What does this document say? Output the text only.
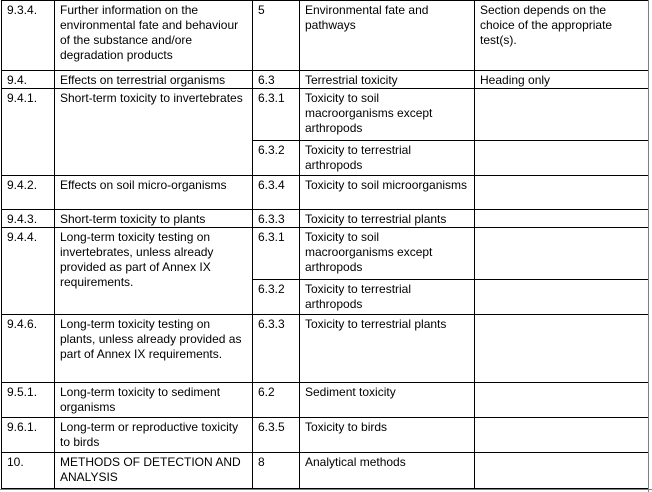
9.3.4.	Further information on the environmental fate and behaviour of the substance and/ore degradation products	5	Environmental fate and pathways	Section depends on the choice of the appropriate test(s).
9.4.	Effects on terrestrial organisms	6.3	Terrestrial toxicity	Heading only
9.4.1.	Short-term toxicity to invertebrates	6.3.1	Toxicity to soil macroorganisms except arthropods	
		6.3.2	Toxicity to terrestrial arthropods	
9.4.2.	Effects on soil micro-organisms	6.3.4	Toxicity to soil microorganisms	
9.4.3.	Short-term toxicity to plants	6.3.3	Toxicity to terrestrial plants	
9.4.4.	Long-term toxicity testing on invertebrates, unless already provided as part of Annex IX requirements.	6.3.1	Toxicity to soil macroorganisms except arthropods	
		6.3.2	Toxicity to terrestrial arthropods	
9.4.6.	Long-term toxicity testing on plants, unless already provided as part of Annex IX requirements.	6.3.3	Toxicity to terrestrial plants	
9.5.1.	Long-term toxicity to sediment organisms	6.2	Sediment toxicity	
9.6.1.	Long-term or reproductive toxicity to birds	6.3.5	Toxicity to birds	
10.	METHODS OF DETECTION AND ANALYSIS	8	Analytical methods	
